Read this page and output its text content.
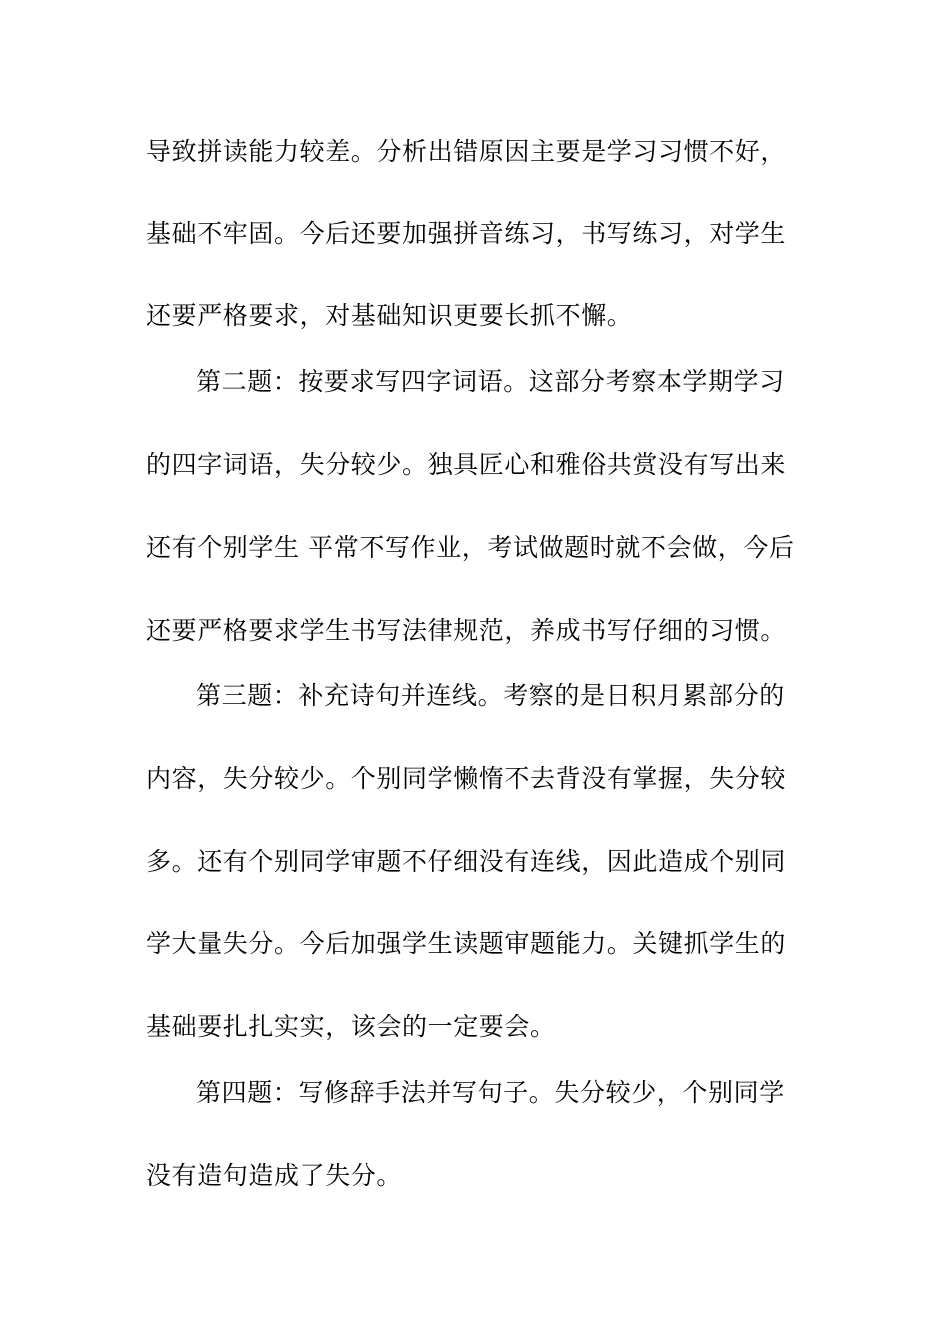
导致拼读能力较差。分析出错原因主要是学习习惯不好，
基础不牢固。今后还要加强拼音练习，书写练习，对学生
还要严格要求，对基础知识更要长抓不懈。
第二题：按要求写四字词语。这部分考察本学期学习
的四字词语，失分较少。独具匠心和雅俗共赏没有写出来
还有个别学生 平常不写作业，考试做题时就不会做，今后
还要严格要求学生书写法律规范，养成书写仔细的习惯。
第三题：补充诗句并连线。考察的是日积月累部分的
内容，失分较少。个别同学懒惰不去背没有掌握，失分较
多。还有个别同学审题不仔细没有连线，因此造成个别同
学大量失分。今后加强学生读题审题能力。关键抓学生的
基础要扎扎实实，该会的一定要会。
第四题：写修辞手法并写句子。失分较少，个别同学
没有造句造成了失分。
